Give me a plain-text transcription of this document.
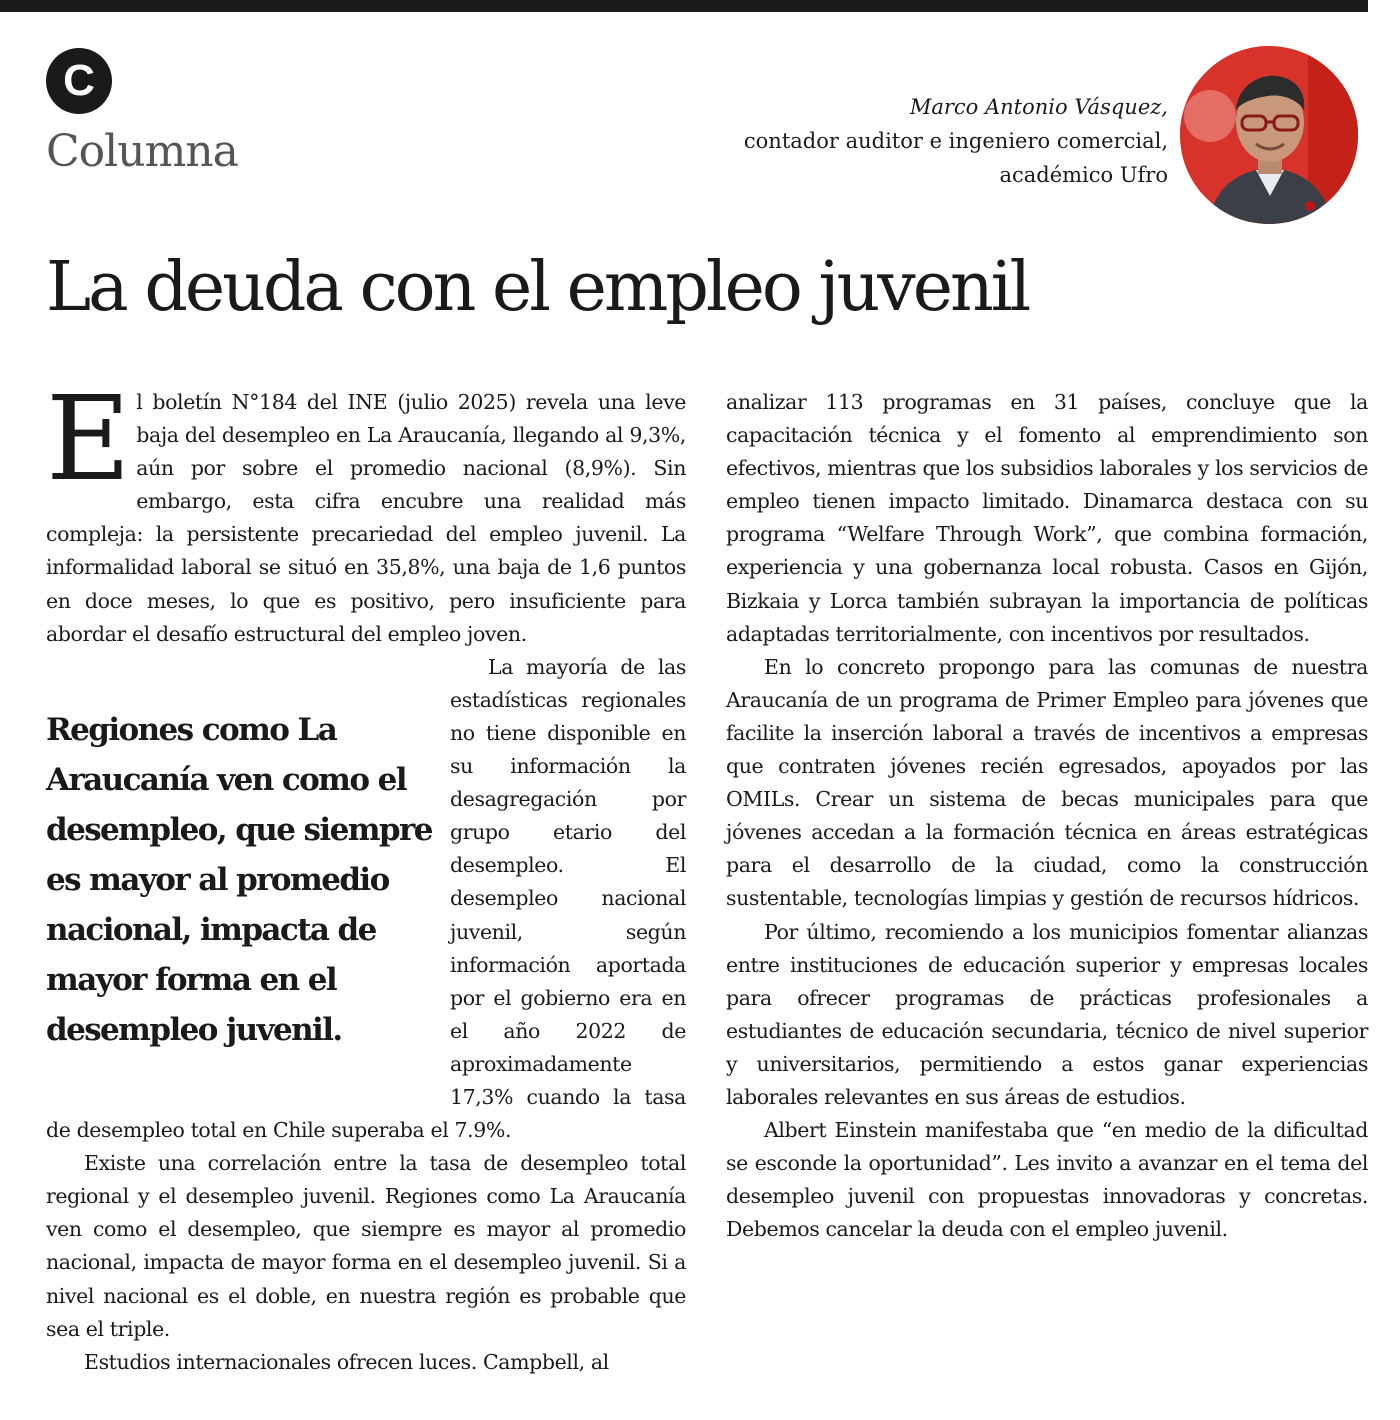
C
Columna
Marco Antonio Vásquez,
contador auditor e ingeniero comercial,
académico Ufro
La deuda con el empleo juvenil

El boletín N°184 del INE (julio 2025) revela una leve baja del desempleo en La Araucanía, llegando al 9,3%, aún por sobre el promedio nacional (8,9%). Sin embargo, esta cifra encubre una realidad más compleja: la persistente precariedad del empleo juvenil. La informalidad laboral se situó en 35,8%, una baja de 1,6 puntos en doce meses, lo que es positivo, pero insuficiente para abordar el desafío estructural del empleo joven.

Regiones como La Araucanía ven como el desempleo, que siempre es mayor al promedio nacional, impacta de mayor forma en el desempleo juvenil.

La mayoría de las estadísticas regionales no tiene disponible en su información la desagregación por grupo etario del desempleo. El desempleo nacional juvenil, según información aportada por el gobierno era en el año 2022 de aproximadamente 17,3% cuando la tasa de desempleo total en Chile superaba el 7.9%.

Existe una correlación entre la tasa de desempleo total regional y el desempleo juvenil. Regiones como La Araucanía ven como el desempleo, que siempre es mayor al promedio nacional, impacta de mayor forma en el desempleo juvenil. Si a nivel nacional es el doble, en nuestra región es probable que sea el triple.

Estudios internacionales ofrecen luces. Campbell, al

analizar 113 programas en 31 países, concluye que la capacitación técnica y el fomento al emprendimiento son efectivos, mientras que los subsidios laborales y los servicios de empleo tienen impacto limitado. Dinamarca destaca con su programa “Welfare Through Work”, que combina formación, experiencia y una gobernanza local robusta. Casos en Gijón, Bizkaia y Lorca también subrayan la importancia de políticas adaptadas territorialmente, con incentivos por resultados.

En lo concreto propongo para las comunas de nuestra Araucanía de un programa de Primer Empleo para jóvenes que facilite la inserción laboral a través de incentivos a empresas que contraten jóvenes recién egresados, apoyados por las OMILs. Crear un sistema de becas municipales para que jóvenes accedan a la formación técnica en áreas estratégicas para el desarrollo de la ciudad, como la construcción sustentable, tecnologías limpias y gestión de recursos hídricos.

Por último, recomiendo a los municipios fomentar alianzas entre instituciones de educación superior y empresas locales para ofrecer programas de prácticas profesionales a estudiantes de educación secundaria, técnico de nivel superior y universitarios, permitiendo a estos ganar experiencias laborales relevantes en sus áreas de estudios.

Albert Einstein manifestaba que “en medio de la dificultad se esconde la oportunidad”. Les invito a avanzar en el tema del desempleo juvenil con propuestas innovadoras y concretas. Debemos cancelar la deuda con el empleo juvenil.
